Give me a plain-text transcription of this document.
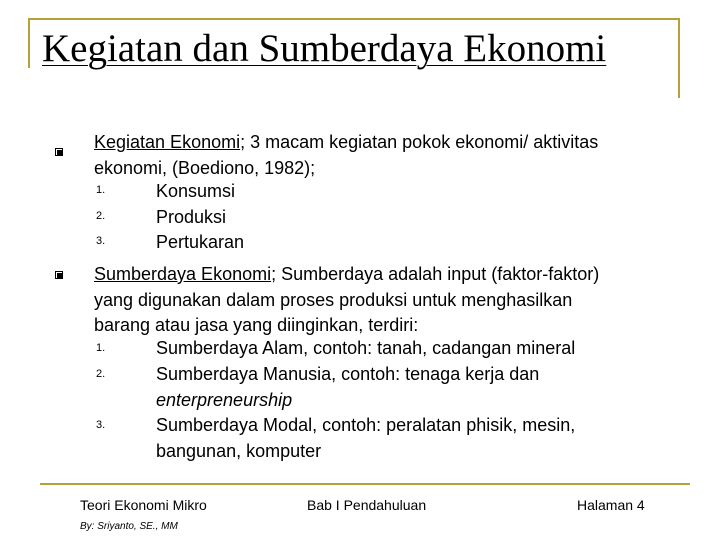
Kegiatan dan Sumberdaya Ekonomi
Kegiatan Ekonomi; 3 macam kegiatan pokok ekonomi/ aktivitas
ekonomi, (Boediono, 1982);
1.	Konsumsi
2.	Produksi
3.	Pertukaran
Sumberdaya Ekonomi; Sumberdaya adalah input (faktor-faktor)
yang digunakan dalam proses produksi untuk menghasilkan
barang atau jasa yang diinginkan, terdiri:
1.	Sumberdaya Alam, contoh: tanah, cadangan mineral
2.	Sumberdaya Manusia, contoh: tenaga kerja dan
enterpreneurship
3.	Sumberdaya Modal, contoh: peralatan phisik, mesin,
bangunan, komputer
Teori Ekonomi Mikro	Bab I Pendahuluan	Halaman 4
By: Sriyanto, SE., MM
